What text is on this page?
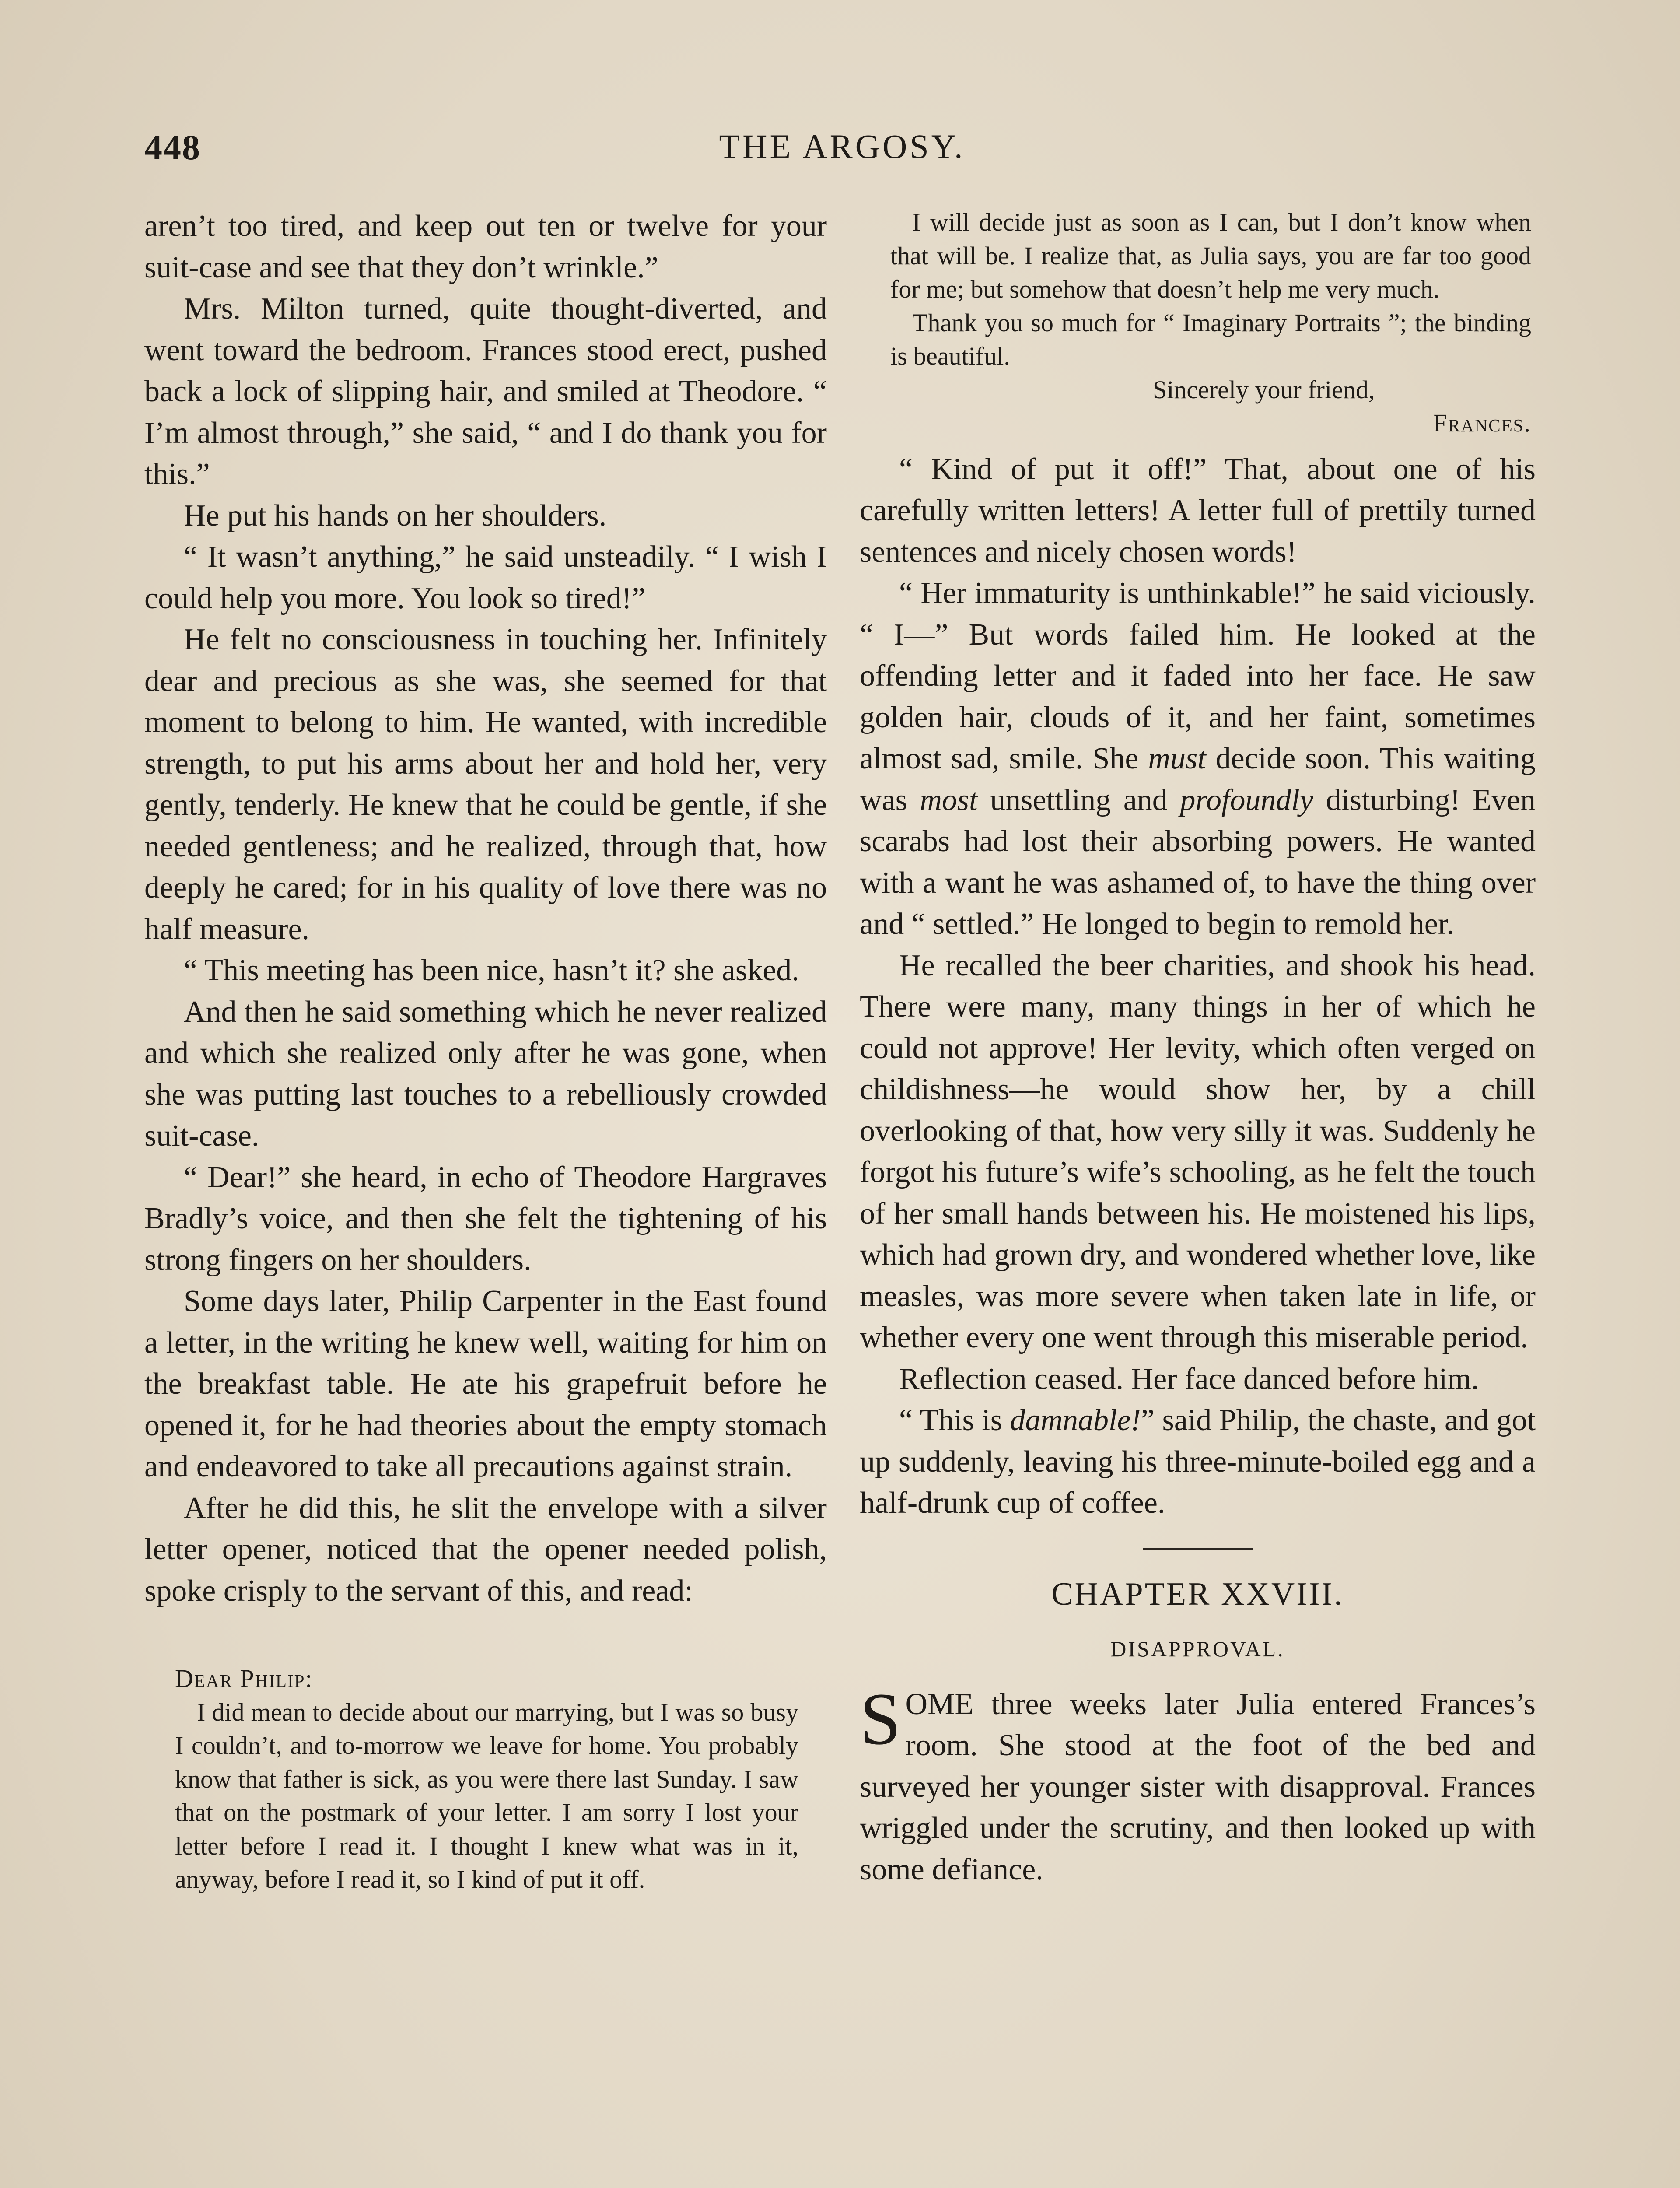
448	THE ARGOSY.

aren’t too tired, and keep out ten or twelve for your suit-case and see that they don’t wrinkle.”

Mrs. Milton turned, quite thought-diverted, and went toward the bedroom. Frances stood erect, pushed back a lock of slipping hair, and smiled at Theodore. “ I’m almost through,” she said, “ and I do thank you for this.”

He put his hands on her shoulders.

“ It wasn’t anything,” he said unsteadily. “ I wish I could help you more. You look so tired!”

He felt no consciousness in touching her. Infinitely dear and precious as she was, she seemed for that moment to belong to him. He wanted, with incredible strength, to put his arms about her and hold her, very gently, tenderly. He knew that he could be gentle, if she needed gentleness; and he realized, through that, how deeply he cared; for in his quality of love there was no half measure.

“ This meeting has been nice, hasn’t it? she asked.

And then he said something which he never realized and which she realized only after he was gone, when she was putting last touches to a rebelliously crowded suit-case.

“ Dear!” she heard, in echo of Theodore Hargraves Bradly’s voice, and then she felt the tightening of his strong fingers on her shoulders.

Some days later, Philip Carpenter in the East found a letter, in the writing he knew well, waiting for him on the breakfast table. He ate his grapefruit before he opened it, for he had theories about the empty stomach and endeavored to take all precautions against strain.

After he did this, he slit the envelope with a silver letter opener, noticed that the opener needed polish, spoke crisply to the servant of this, and read:

Dear Philip:

I did mean to decide about our marrying, but I was so busy I couldn’t, and to-morrow we leave for home. You probably know that father is sick, as you were there last Sunday. I saw that on the postmark of your letter. I am sorry I lost your letter before I read it. I thought I knew what was in it, anyway, before I read it, so I kind of put it off.

I will decide just as soon as I can, but I don’t know when that will be. I realize that, as Julia says, you are far too good for me; but somehow that doesn’t help me very much.

Thank you so much for “ Imaginary Portraits ”; the binding is beautiful.

Sincerely your friend,

Frances.

“ Kind of put it off!” That, about one of his carefully written letters! A letter full of prettily turned sentences and nicely chosen words!

“ Her immaturity is unthinkable!” he said viciously. “ I—” But words failed him. He looked at the offending letter and it faded into her face. He saw golden hair, clouds of it, and her faint, sometimes almost sad, smile. She must decide soon. This waiting was most unsettling and profoundly disturbing! Even scarabs had lost their absorbing powers. He wanted with a want he was ashamed of, to have the thing over and “ settled.” He longed to begin to remold her.

He recalled the beer charities, and shook his head. There were many, many things in her of which he could not approve! Her levity, which often verged on childishness—he would show her, by a chill overlooking of that, how very silly it was. Suddenly he forgot his future’s wife’s schooling, as he felt the touch of her small hands between his. He moistened his lips, which had grown dry, and wondered whether love, like measles, was more severe when taken late in life, or whether every one went through this miserable period.

Reflection ceased. Her face danced before him.

“ This is damnable!” said Philip, the chaste, and got up suddenly, leaving his three-minute-boiled egg and a half-drunk cup of coffee.

CHAPTER XXVIII.
DISAPPROVAL.

SOME three weeks later Julia entered Frances’s room. She stood at the foot of the bed and surveyed her younger sister with disapproval. Frances wriggled under the scrutiny, and then looked up with some defiance.
